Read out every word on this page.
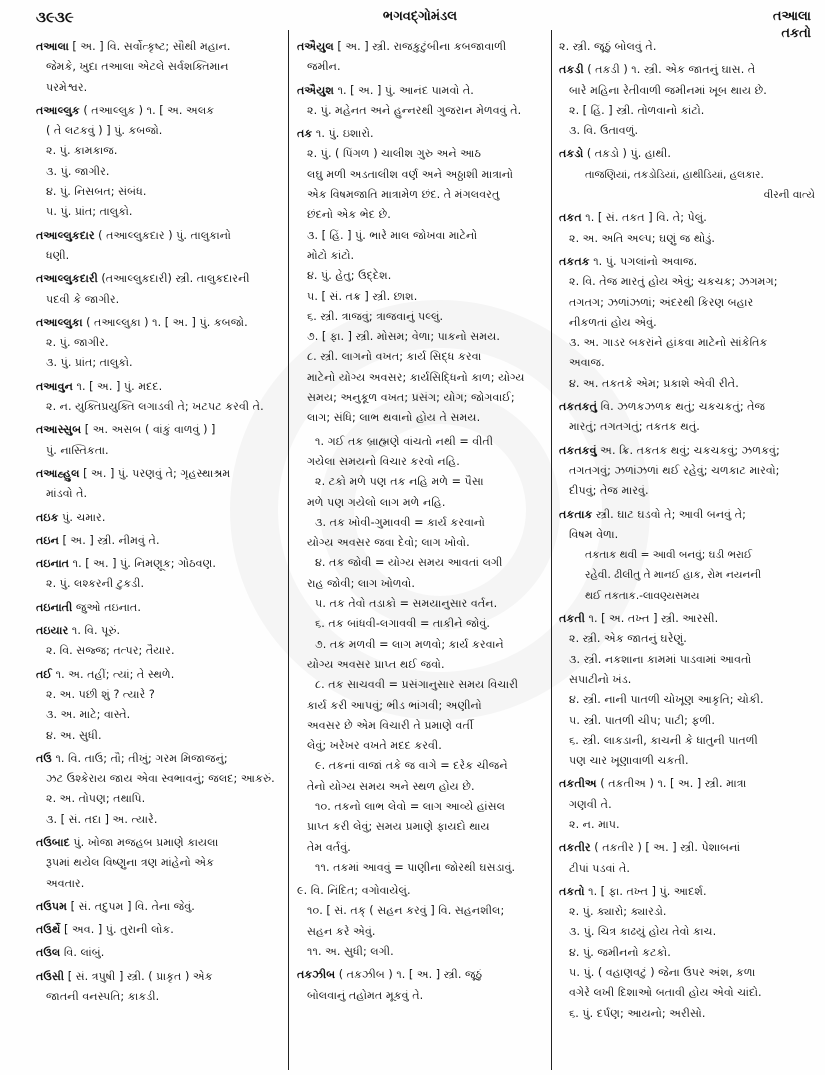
૩૯૩૯	ભગવદ્ગોમંડલ	તઆલા
તકતો
તઆલા [ અ. ] વિ. સર્વોત્કૃષ્ટ; સૌથી મહાન.
જેમકે, ખુદા તઆલા એટલે સર્વશક્તિમાન
પરમેશ્વર.
તઆલ્લુક ( તઆલ્લુક઼ ) ૧. [ અ. અલક
( તે લટકવું ) ] પું. કબજો.
૨. પું. કામકાજ.
૩. પું. જાગીર.
૪. પું. નિસબત; સંબંધ.
૫. પું. પ્રાંત; તાલુકો.
તઆલ્લુકદાર ( તઆલ્લુક઼દાર ) પું. તાલુકાનો
ધણી.
તઆલ્લુકદારી (તઆલ્લુક઼દારી) સ્ત્રી. તાલુકદારની
પદવી કે જાગીર.
તઆલ્લુકા ( તઆલ્લુક઼ા ) ૧. [ અ. ] પું. કબજો.
૨. પું. જાગીર.
૩. પું. પ્રાંત; તાલુકો.
તઆવુન ૧. [ અ. ] પું. મદદ.
૨. ન. યુક્તિપ્રયુક્તિ લગાડવી તે; ખટપટ કરવી તે.
તઆસ્સુબ [ અ. અસબ ( વાંકું વાળવું ) ]
પું. નાસ્તિકતા.
તઆહ્હુલ [ અ. ] પું. પરણવું તે; ગૃહસ્થાશ્રમ
માંડવો તે.
તઇક પું. ચમાર.
તઇન [ અ. ] સ્ત્રી. નીમવું તે.
તઇનાત ૧. [ અ. ] પું. નિમણૂક; ગોઠવણ.
૨. પું. લશ્કરની ટુકડી.
તઇનાતી જુઓ તઇનાત.
તઇયાર ૧. વિ. પૂરું.
૨. વિ. સજ્જ; તત્પર; તૈયાર.
તઈ ૧. અ. તહીં; ત્યાં; તે સ્થળે.
૨. અ. પછી શું ? ત્યારે ?
૩. અ. માટે; વાસ્તે.
૪. અ. સુધી.
તઉ ૧. વિ. તાઉ; તૌ; તીખું; ગરમ મિજાજનું;
ઝટ ઉશ્કેરાય જાય એવા સ્વભાવનું; જલદ; આકરું.
૨. અ. તોપણ; તથાપિ.
૩. [ સં. તદા ] અ. ત્યારે.
તઉબાદ પું. ખોજા મજહબ પ્રમાણે કાયલા
રૂપમાં થયેલ વિષ્ણુના ત્રણ માંહેનો એક
અવતાર.
તઉપમ [ સં. તદુપમ ] વિ. તેના જેવું.
તઉર્થે [ અવ. ] પું. તુરાની લોક.
તઉલ વિ. લાંબું.
તઉસી [ સં. ત્રપુષી ] સ્ત્રી. ( પ્રાકૃત ) એક
જાતની વનસ્પતિ; કાકડી.
તઐયુલ [ અ. ] સ્ત્રી. રાજકુટુંબીના કબજાવાળી
જમીન.
તઐયુશ ૧. [ અ. ] પું. આનંદ પામવો તે.
૨. પું. મહેનત અને હુન્નરથી ગુજરાન મેળવવું તે.
તક ૧. પું. ઇશારો.
૨. પું. ( પિંગળ ) ચાલીશ ગુરુ અને આઠ
લઘુ મળી અડતાલીશ વર્ણ અને અઠ્ઠાશી માત્રાનો
એક વિષમજાતિ માત્રામેળ છંદ. તે મંગલવરતુ
છંદનો એક ભેદ છે.
૩. [ હિં. ] પું. ભારે માલ જોખવા માટેનો
મોટો કાંટો.
૪. પું. હેતુ; ઉદ્દેશ.
૫. [ સં. તક્ર ] સ્ત્રી. છાશ.
૬. સ્ત્રી. ત્રાજવું; ત્રાજવાનું પલ્લું.
૭. [ ફા. ] સ્ત્રી. મોસમ; વેળા; પાકનો સમય.
૮. સ્ત્રી. લાગનો વખત; કાર્ય સિદ્ધ કરવા
માટેનો યોગ્ય અવસર; કાર્યસિદ્ધિનો કાળ; યોગ્ય
સમય; અનુકૂળ વખત; પ્રસંગ; યોગ; જોગવાઈ;
લાગ; સંધિ; લાભ થવાનો હોય તે સમય.
૧. ગઈ તક બ્રાહ્મણે વાંચતો નથી = વીતી
ગયેલા સમયનો વિચાર કરવો નહિ.
૨. ટકો મળે પણ તક નહિ મળે = પૈસા
મળે પણ ગયેલો લાગ મળે નહિ.
૩. તક ખોવી-ગુમાવવી = કાર્ય કરવાનો
યોગ્ય અવસર જવા દેવો; લાગ ખોવો.
૪. તક જોવી = યોગ્ય સમય આવતાં લગી
રાહ જોવી; લાગ ખોળવો.
૫. તક તેવો તડાકો = સમયાનુસાર વર્તન.
૬. તક બાંધવી-લગાવવી = તાકીને જોવું.
૭. તક મળવી = લાગ મળવો; કાર્ય કરવાને
યોગ્ય અવસર પ્રાપ્ત થઈ જવો.
૮. તક સાચવવી = પ્રસંગાનુસાર સમય વિચારી
કાર્ય કરી આપવું; ભીડ ભાંગવી; અણીનો
અવસર છે એમ વિચારી તે પ્રમાણે વર્તી
લેવું; ખરેખર વખતે મદદ કરવી.
૯. તકનાં વાજાં તકે જ વાગે = દરેક ચીજને
તેનો યોગ્ય સમય અને સ્થળ હોય છે.
૧૦. તકનો લાભ લેવો = લાગ આવ્યે હાંસલ
પ્રાપ્ત કરી લેવું; સમય પ્રમાણે ફાયદો થાય
તેમ વર્તવું.
૧૧. તકમાં આવવું = પાણીના જોરથી ઘસડાવું.
૯. વિ. નિંદિત; વગોવાયેલું.
૧૦. [ સં. તક્ ( સહન કરવું ] વિ. સહનશીલ;
સહન કરે એવું.
૧૧. અ. સુધી; લગી.
તકઝીબ ( તક઼ઝીબ ) ૧. [ અ. ] સ્ત્રી. જૂઠું
બોલવાનું તહોમત મૂકવું તે.
૨. સ્ત્રી. જૂઠું બોલવું તે.
તકડી ( તક઼ડી ) ૧. સ્ત્રી. એક જાતનું ઘાસ. તે
બારે મહિના રેતીવાળી જમીનમાં ખૂબ થાય છે.
૨. [ હિં. ] સ્ત્રી. તોળવાનો કાંટો.
૩. વિ. ઉતાવળું.
તકડો ( તક઼ડો ) પું. હાથી.
તાજણિયાં, તકડોડિયાં, હાથીડિયાં, હલકાર.
વીરની વાત્યે
તકત ૧. [ સં. તકત ] વિ. તે; પેલું.
૨. અ. અતિ અલ્પ; ઘણું જ થોડું.
તકતક ૧. પું. પગલાંનો અવાજ.
૨. વિ. તેજ મારતું હોય એવું; ચકચક; ઝગમગ;
તગતગ; ઝળાંઝળાં; અંદરથી કિરણ બહાર
નીકળતાં હોય એવું.
૩. અ. ગાડર બકરાંને હાંકવા માટેનો સાંકેતિક
અવાજ.
૪. અ. તકતકે એમ; પ્રકાશે એવી રીતે.
તકતકતું વિ. ઝળકઝળક થતું; ચકચકતું; તેજ
મારતું; તગતગતું; તકતક થતું.
તકતકવું અ. ક્રિ. તકતક થવું; ચકચકવું; ઝળકવું;
તગતગવું; ઝળાંઝળાં થઈ રહેવું; ચળકાટ મારવો;
દીપવું; તેજ મારવું.
તકતાક સ્ત્રી. ઘાટ ઘડવો તે; આવી બનવું તે;
વિષમ વેળા.
તકતાક થવી = આવી બનવું; ઘડી ભરાઈ
રહેવી. ઢીલીતુ તે માનઈ હાક, રોમ નયનની
થઈ તકતાક.-લાવણ્યસમય
તકતી ૧. [ અ. તખ્ત ] સ્ત્રી. આરસી.
૨. સ્ત્રી. એક જાતનું ઘરેણું.
૩. સ્ત્રી. નકશાના કામમાં પાડવામાં આવતો
સપાટીનો ખંડ.
૪. સ્ત્રી. નાની પાતળી ચોખૂણ આકૃતિ; ચોકી.
૫. સ્ત્રી. પાતળી ચીપ; પાટી; ફળી.
૬. સ્ત્રી. લાકડાની, કાચની કે ધાતુની પાતળી
પણ ચાર ખૂણાવાળી ચકતી.
તકતીઅ ( તક઼તીઅ ) ૧. [ અ. ] સ્ત્રી. માત્રા
ગણવી તે.
૨. ન. માપ.
તકતીર ( તક઼તીર ) [ અ. ] સ્ત્રી. પેશાબનાં
ટીપાં પડવાં તે.
તકતો ૧. [ ફા. તખ્ત ] પું. આદર્શ.
૨. પું. ક્યારો; ક્યારડો.
૩. પું. ચિત્ર કાઢયું હોય તેવો કાચ.
૪. પું. જમીનનો કટકો.
૫. પું. ( વહાણવટું ) જેના ઉપર અંશ, કળા
વગેરે લખી દિશાઓ બતાવી હોય એવો ચાંદો.
૬. પું. દર્પણ; આયનો; અરીસો.
